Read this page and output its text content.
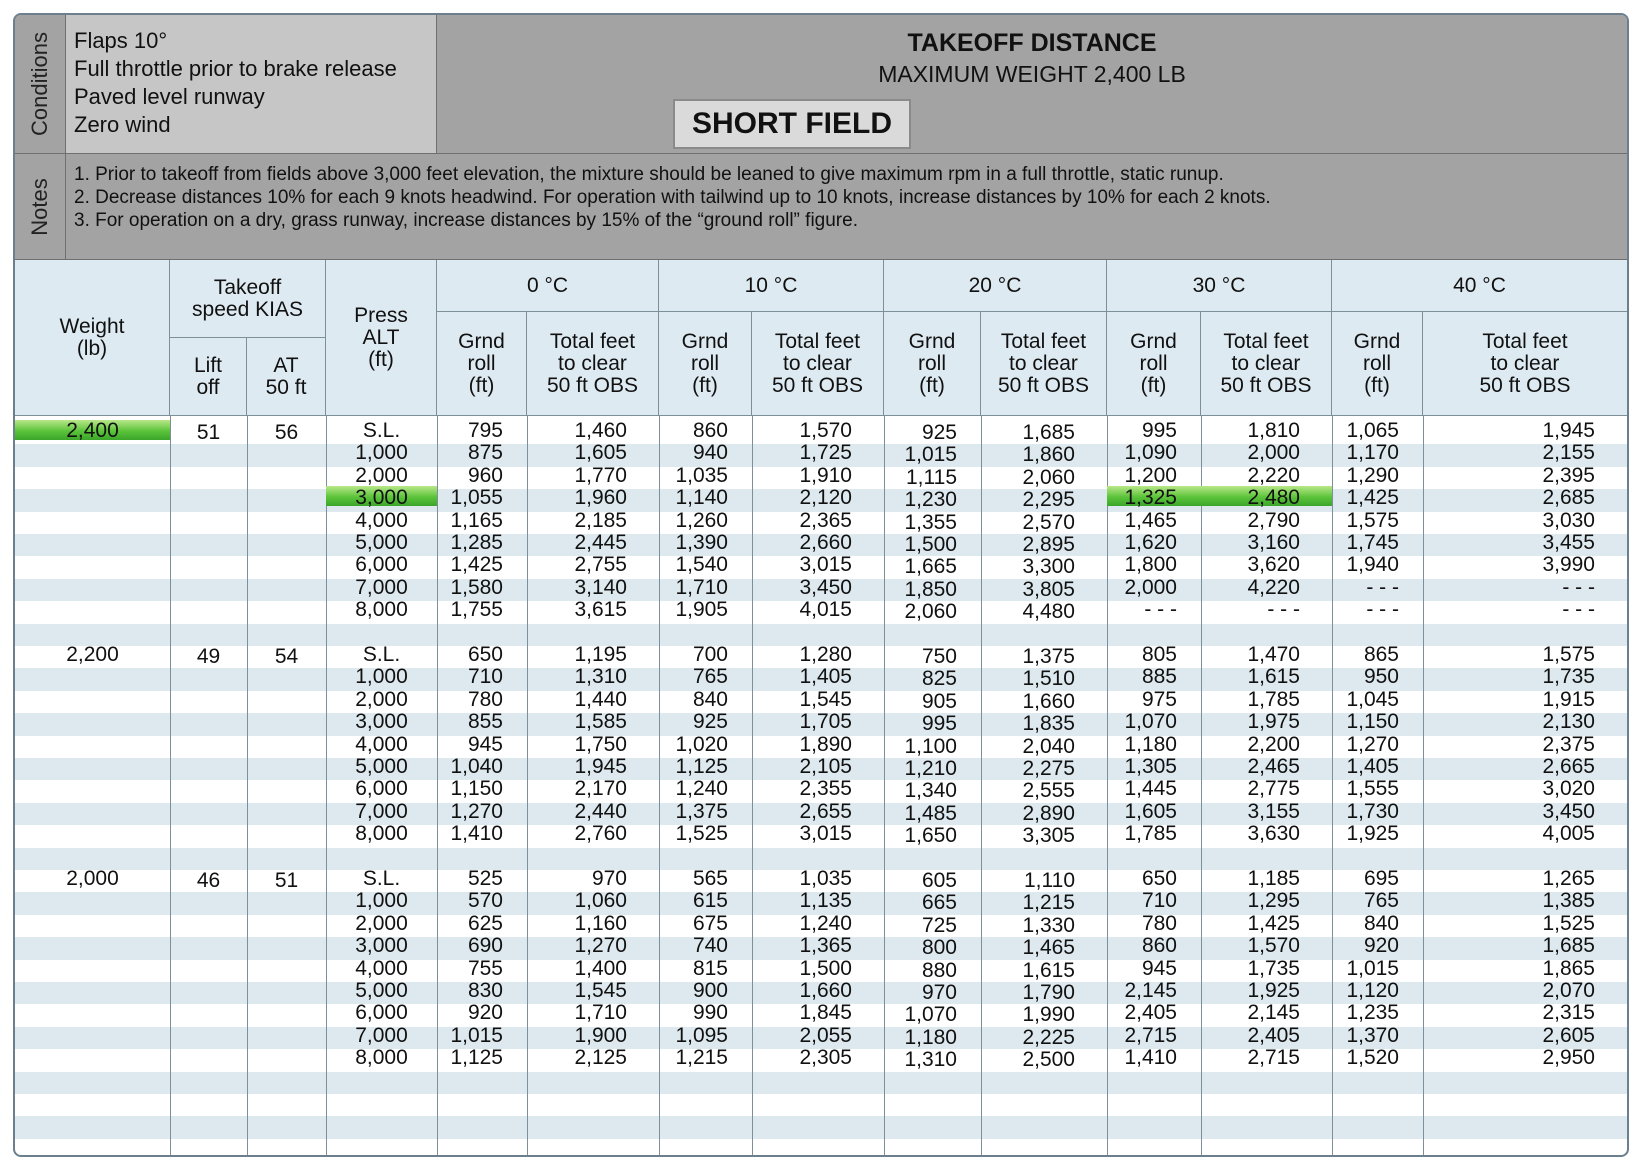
Conditions	Flaps 10°
Full throttle prior to brake release
Paved level runway
Zero wind
TAKEOFF DISTANCE
MAXIMUM WEIGHT 2,400 LB
SHORT FIELD
Notes
1. Prior to takeoff from fields above 3,000 feet elevation, the mixture should be leaned to give maximum rpm in a full throttle, static runup.
2. Decrease distances 10% for each 9 knots headwind. For operation with tailwind up to 10 knots, increase distances by 10% for each 2 knots.
3. For operation on a dry, grass runway, increase distances by 15% of the “ground roll” figure.
Weight
(lb)
Takeoff
speed KIAS
Lift
off
AT
50 ft
Press
ALT
(ft)
0 °C
Grnd
roll
(ft)
Total feet
to clear
50 ft OBS
10 °C
Grnd
roll
(ft)
Total feet
to clear
50 ft OBS
20 °C
Grnd
roll
(ft)
Total feet
to clear
50 ft OBS
30 °C
Grnd
roll
(ft)
Total feet
to clear
50 ft OBS
40 °C
Grnd
roll
(ft)
Total feet
to clear
50 ft OBS
2,400	51	56	S.L.	795	1,460	860	1,570	925	1,685	995	1,810	1,065	1,945
1,000	875	1,605	940	1,725	1,015	1,860	1,090	2,000	1,170	2,155
2,000	960	1,770	1,035	1,910	1,115	2,060	1,200	2,220	1,290	2,395
3,000	1,055	1,960	1,140	2,120	1,230	2,295	1,325	2,480	1,425	2,685
4,000	1,165	2,185	1,260	2,365	1,355	2,570	1,465	2,790	1,575	3,030
5,000	1,285	2,445	1,390	2,660	1,500	2,895	1,620	3,160	1,745	3,455
6,000	1,425	2,755	1,540	3,015	1,665	3,300	1,800	3,620	1,940	3,990
7,000	1,580	3,140	1,710	3,450	1,850	3,805	2,000	4,220	- - -	- - -
8,000	1,755	3,615	1,905	4,015	2,060	4,480	- - -	- - -	- - -	- - -
2,200	49	54	S.L.	650	1,195	700	1,280	750	1,375	805	1,470	865	1,575
1,000	710	1,310	765	1,405	825	1,510	885	1,615	950	1,735
2,000	780	1,440	840	1,545	905	1,660	975	1,785	1,045	1,915
3,000	855	1,585	925	1,705	995	1,835	1,070	1,975	1,150	2,130
4,000	945	1,750	1,020	1,890	1,100	2,040	1,180	2,200	1,270	2,375
5,000	1,040	1,945	1,125	2,105	1,210	2,275	1,305	2,465	1,405	2,665
6,000	1,150	2,170	1,240	2,355	1,340	2,555	1,445	2,775	1,555	3,020
7,000	1,270	2,440	1,375	2,655	1,485	2,890	1,605	3,155	1,730	3,450
8,000	1,410	2,760	1,525	3,015	1,650	3,305	1,785	3,630	1,925	4,005
2,000	46	51	S.L.	525	970	565	1,035	605	1,110	650	1,185	695	1,265
1,000	570	1,060	615	1,135	665	1,215	710	1,295	765	1,385
2,000	625	1,160	675	1,240	725	1,330	780	1,425	840	1,525
3,000	690	1,270	740	1,365	800	1,465	860	1,570	920	1,685
4,000	755	1,400	815	1,500	880	1,615	945	1,735	1,015	1,865
5,000	830	1,545	900	1,660	970	1,790	2,145	1,925	1,120	2,070
6,000	920	1,710	990	1,845	1,070	1,990	2,405	2,145	1,235	2,315
7,000	1,015	1,900	1,095	2,055	1,180	2,225	2,715	2,405	1,370	2,605
8,000	1,125	2,125	1,215	2,305	1,310	2,500	1,410	2,715	1,520	2,950
